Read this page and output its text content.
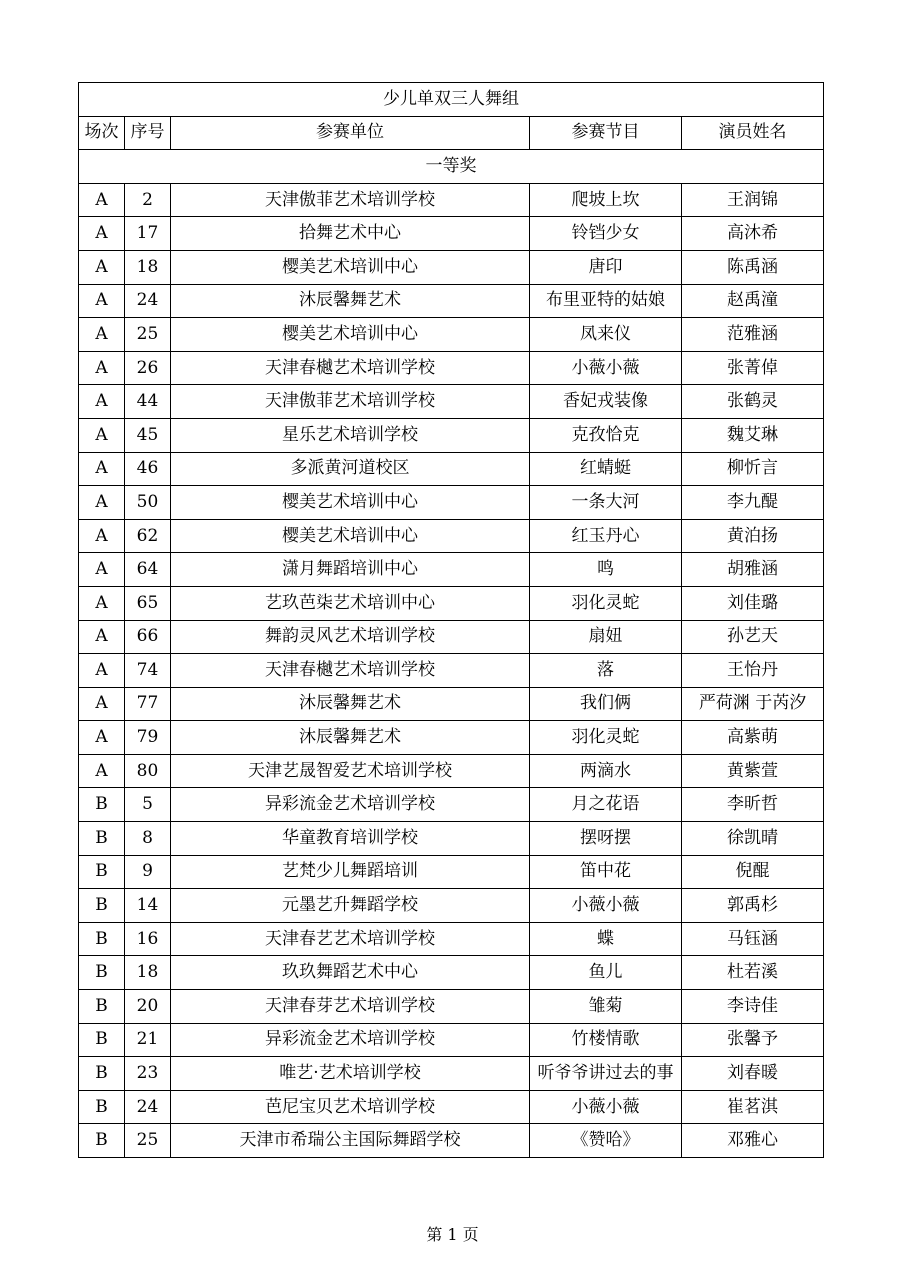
少儿单双三人舞组				
场次	序号	参赛单位	参赛节目	演员姓名
一等奖				
A	2	天津傲菲艺术培训学校	爬坡上坎	王润锦
A	17	拾舞艺术中心	铃铛少女	高沐希
A	18	樱美艺术培训中心	唐印	陈禹涵
A	24	沐辰馨舞艺术	布里亚特的姑娘	赵禹潼
A	25	樱美艺术培训中心	凤来仪	范雅涵
A	26	天津春樾艺术培训学校	小薇小薇	张菁倬
A	44	天津傲菲艺术培训学校	香妃戎装像	张鹤灵
A	45	星乐艺术培训学校	克孜恰克	魏艾琳
A	46	多派黄河道校区	红蜻蜓	柳忻言
A	50	樱美艺术培训中心	一条大河	李九醍
A	62	樱美艺术培训中心	红玉丹心	黄泊扬
A	64	潇月舞蹈培训中心	鸣	胡雅涵
A	65	艺玖芭柒艺术培训中心	羽化灵蛇	刘佳璐
A	66	舞韵灵风艺术培训学校	扇妞	孙艺天
A	74	天津春樾艺术培训学校	落	王怡丹
A	77	沐辰馨舞艺术	我们俩	严荷渊 于芮汐
A	79	沐辰馨舞艺术	羽化灵蛇	高紫萌
A	80	天津艺晟智爱艺术培训学校	两滴水	黄紫萱
B	5	异彩流金艺术培训学校	月之花语	李昕哲
B	8	华童教育培训学校	摆呀摆	徐凯晴
B	9	艺梵少儿舞蹈培训	笛中花	倪醌
B	14	元墨艺升舞蹈学校	小薇小薇	郭禹杉
B	16	天津春艺艺术培训学校	蝶	马钰涵
B	18	玖玖舞蹈艺术中心	鱼儿	杜若溪
B	20	天津春芽艺术培训学校	雏菊	李诗佳
B	21	异彩流金艺术培训学校	竹楼情歌	张馨予
B	23	唯艺·艺术培训学校	听爷爷讲过去的事	刘春暖
B	24	芭尼宝贝艺术培训学校	小薇小薇	崔茗淇
B	25	天津市希瑞公主国际舞蹈学校	《赞哈》	邓雅心
第 1 页
